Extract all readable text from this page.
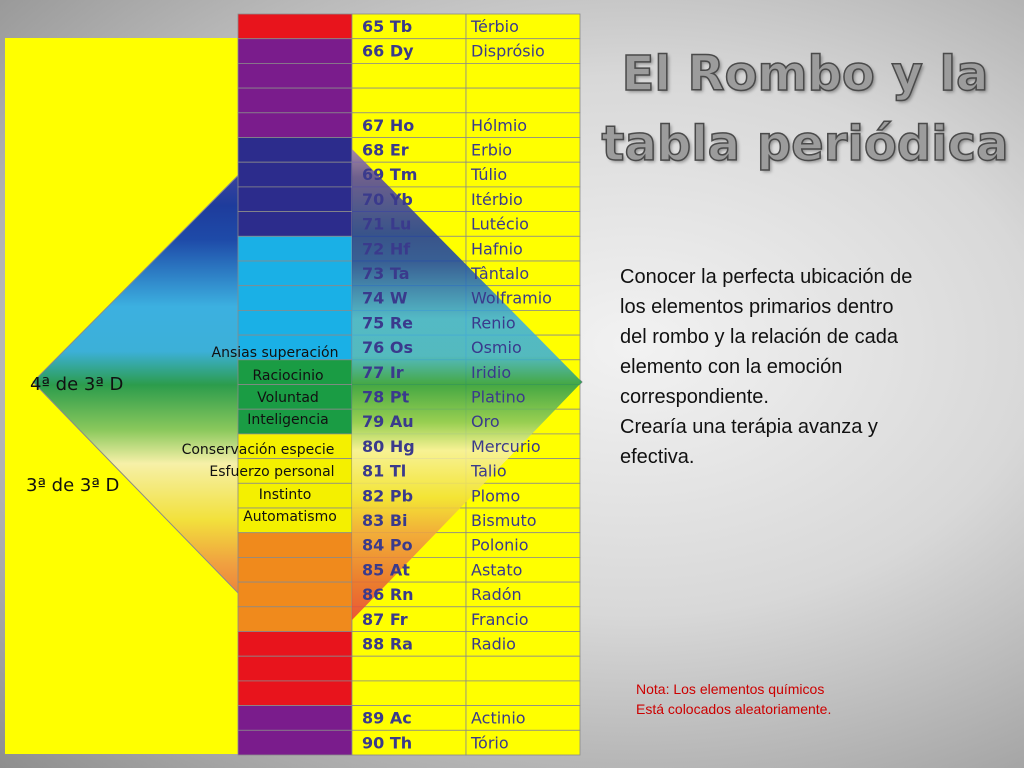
65 Tb	Térbio
66 Dy	Disprósio
67 Ho	Hólmio
68 Er	Erbio
69 Tm	Túlio
70 Yb	Itérbio
71 Lu	Lutécio
72 Hf	Hafnio
73 Ta	Tântalo
74 W	Wolframio
75 Re	Renio
76 Os	Osmio
77 Ir	Iridio
78 Pt	Platino
79 Au	Oro
80 Hg	Mercurio
81 Tl	Talio
82 Pb	Plomo
83 Bi	Bismuto
84 Po	Polonio
85 At	Astato
86 Rn	Radón
87 Fr	Francio
88 Ra	Radio
89 Ac	Actinio
90 Th	Tório
Ansias superación
Raciocinio
Voluntad
Inteligencia
Conservación especie
Esfuerzo personal
Instinto
Automatismo
4ª de 3ª D
3ª de 3ª D
El Rombo y la
tabla periódica
Conocer la perfecta ubicación de
los elementos primarios dentro
del rombo y la relación de cada
elemento con la emoción
correspondiente.
Crearía una terápia avanza y
efectiva.
Nota: Los elementos químicos
Está colocados aleatoriamente.
